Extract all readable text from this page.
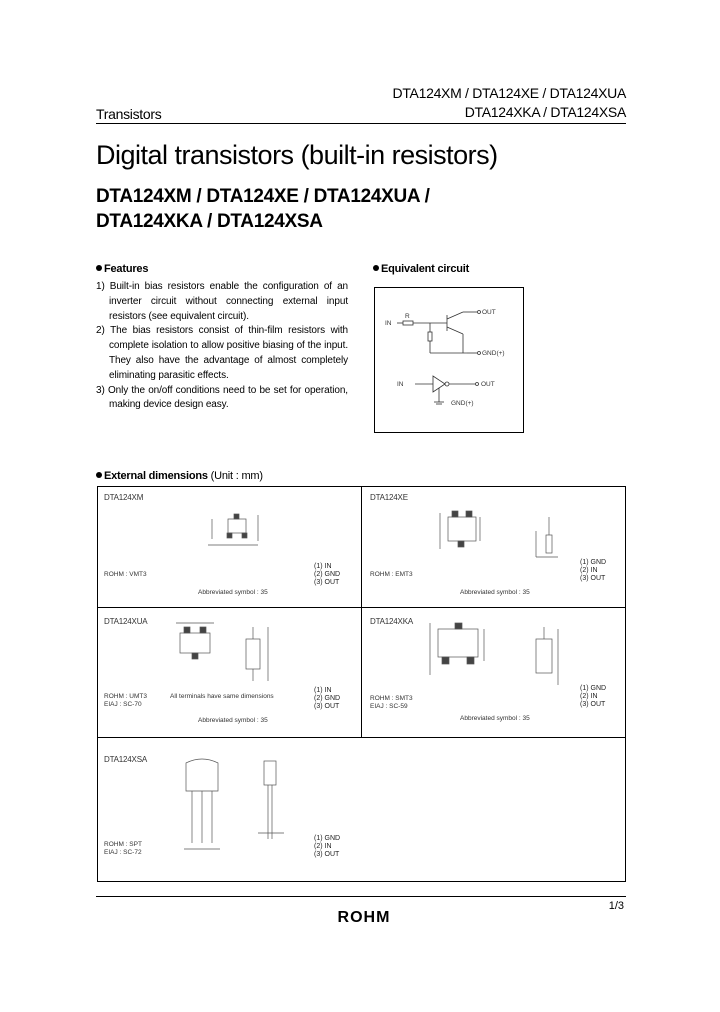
DTA124XM / DTA124XE / DTA124XUA
Transistors	DTA124XKA / DTA124XSA
Digital transistors (built-in resistors)
DTA124XM / DTA124XE / DTA124XUA /
DTA124XKA / DTA124XSA
Features

1) Built-in bias resistors enable the configuration of an inverter circuit without connecting external input resistors (see equivalent circuit).

2) The bias resistors consist of thin-film resistors with complete isolation to allow positive biasing of the input. They also have the advantage of almost completely eliminating parasitic effects.

3) Only the on/off conditions need to be set for operation, making device design easy.

Equivalent circuit
IN
R
OUT
GND(+)
IN	OUT
GND(+)
External dimensions (Unit : mm)
DTA124XM
ROHM : VMT3
Abbreviated symbol : 35
(1) IN
(2) GND
(3) OUT
DTA124XE
ROHM : EMT3
Abbreviated symbol : 35
(1) GND
(2) IN
(3) OUT
DTA124XUA
ROHM : UMT3
EIAJ : SC-70
All terminals have same dimensions
Abbreviated symbol : 35
(1) IN
(2) GND
(3) OUT
DTA124XKA
ROHM : SMT3
EIAJ : SC-59
Abbreviated symbol : 35
(1) GND
(2) IN
(3) OUT
DTA124XSA
ROHM : SPT
EIAJ : SC-72
(1) GND
(2) IN
(3) OUT
1/3
ROHM
